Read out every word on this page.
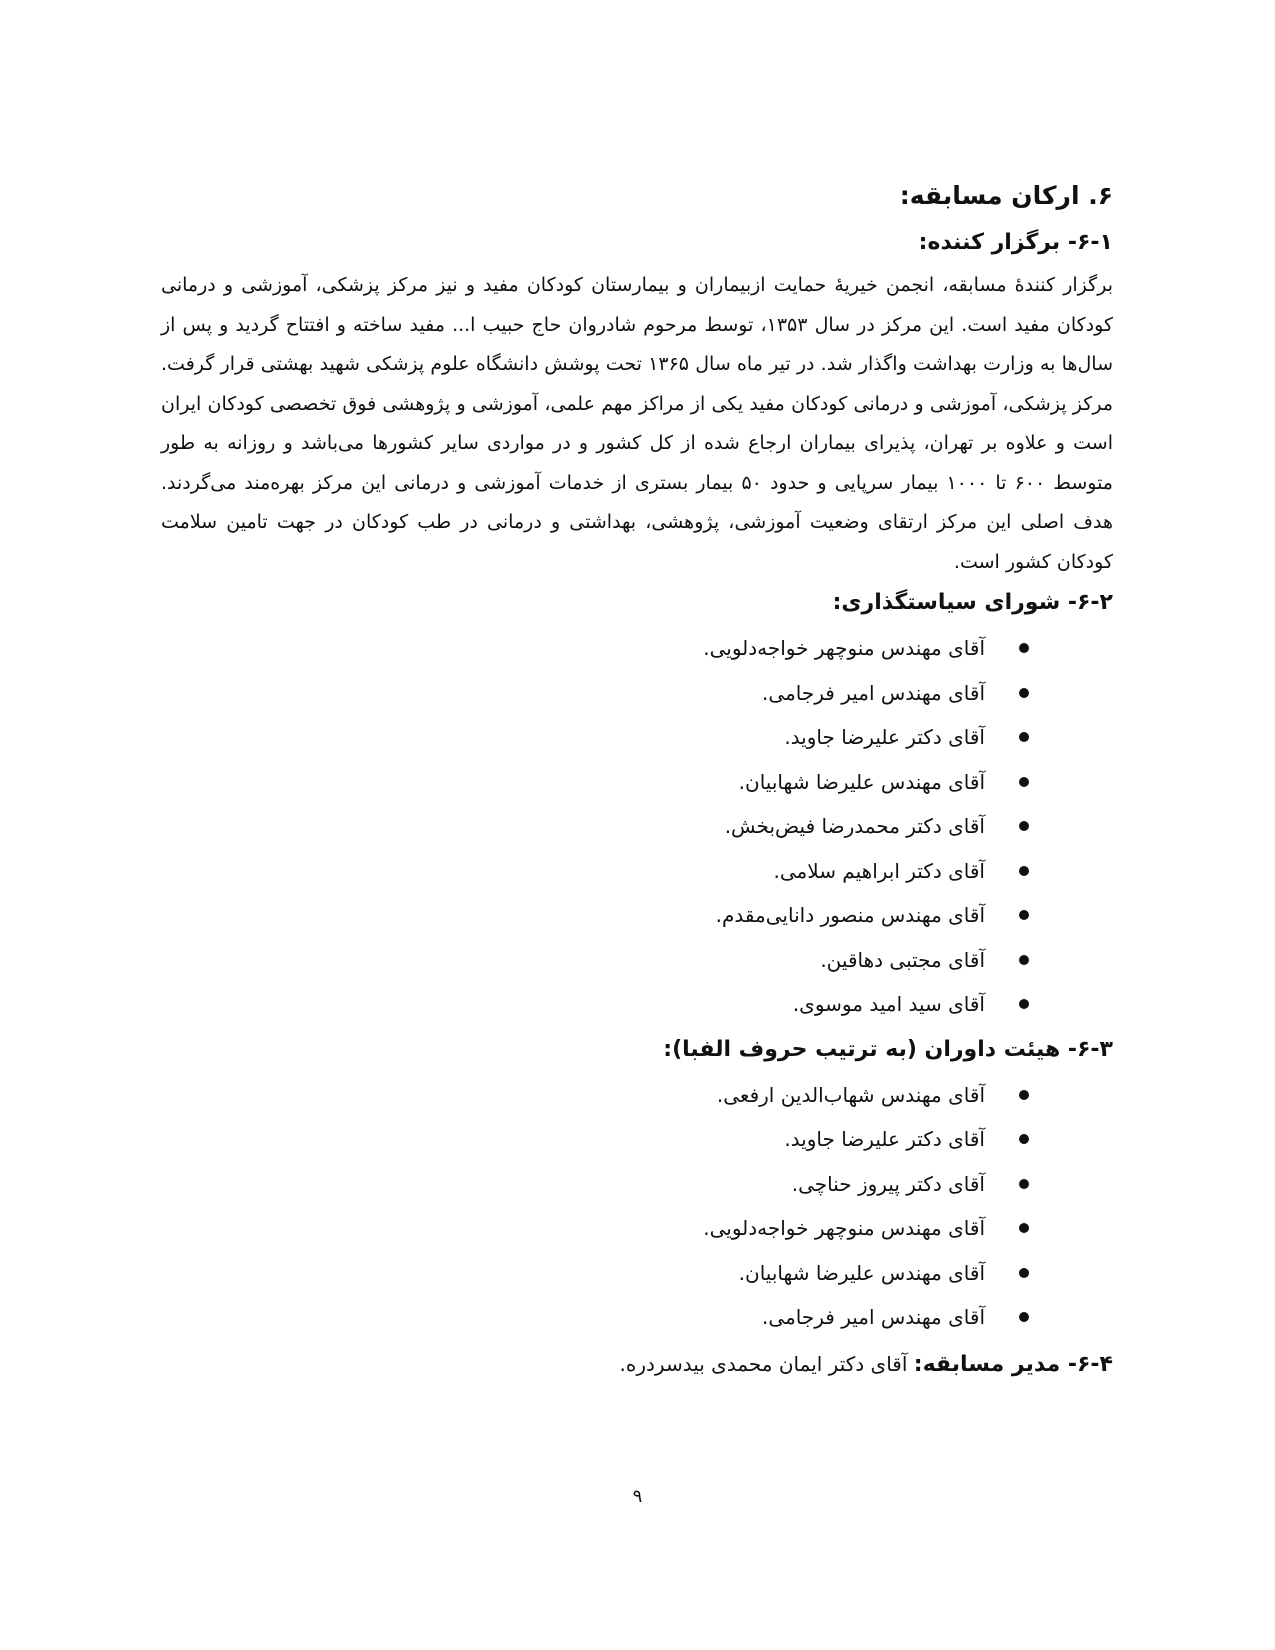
۶. ارکان مسابقه:
۶-۱- برگزار کننده:

برگزار کنندۀ مسابقه، انجمن خیریۀ حمایت ازبیماران و بیمارستان کودکان مفید و نیز مرکز پزشکی، آموزشی و درمانی کودکان مفید است. این مرکز در سال ۱۳۵۳، توسط مرحوم شادروان حاج حبیب ا... مفید ساخته و افتتاح گردید و پس از سال‌ها به وزارت بهداشت واگذار شد. در تیر ماه سال ۱۳۶۵ تحت پوشش دانشگاه علوم پزشکی شهید بهشتی قرار گرفت. مرکز پزشکی، آموزشی و درمانی کودکان مفید یکی از مراکز مهم علمی، آموزشی و پژوهشی فوق تخصصی کودکان ایران است و علاوه بر تهران، پذیرای بیماران ارجاع شده از کل کشور و در مواردی سایر کشورها می‌باشد و روزانه به طور متوسط ۶۰۰ تا ۱۰۰۰ بیمار سرپایی و حدود ۵۰ بیمار بستری از خدمات آموزشی و درمانی این مرکز بهره‌مند می‌گردند. هدف اصلی این مرکز ارتقای وضعیت آموزشی، پژوهشی، بهداشتی و درمانی در طب کودکان در جهت تامین سلامت کودکان کشور است.

۶-۲- شورای سیاستگذاری:
آقای مهندس منوچهر خواجه‌دلویی.
آقای مهندس امیر فرجامی.
آقای دکتر علیرضا جاوید.
آقای مهندس علیرضا شهابیان.
آقای دکتر محمدرضا فیض‌بخش.
آقای دکتر ابراهیم سلامی.
آقای مهندس منصور دانایی‌مقدم.
آقای مجتبی دهاقین.
آقای سید امید موسوی.
۶-۳- هیئت داوران (به ترتیب حروف الفبا):
آقای مهندس شهاب‌الدین ارفعی.
آقای دکتر علیرضا جاوید.
آقای دکتر پیروز حناچی.
آقای مهندس منوچهر خواجه‌دلویی.
آقای مهندس علیرضا شهابیان.
آقای مهندس امیر فرجامی.

۶-۴- مدیر مسابقه: آقای دکتر ایمان محمدی بیدسردره.

۹
